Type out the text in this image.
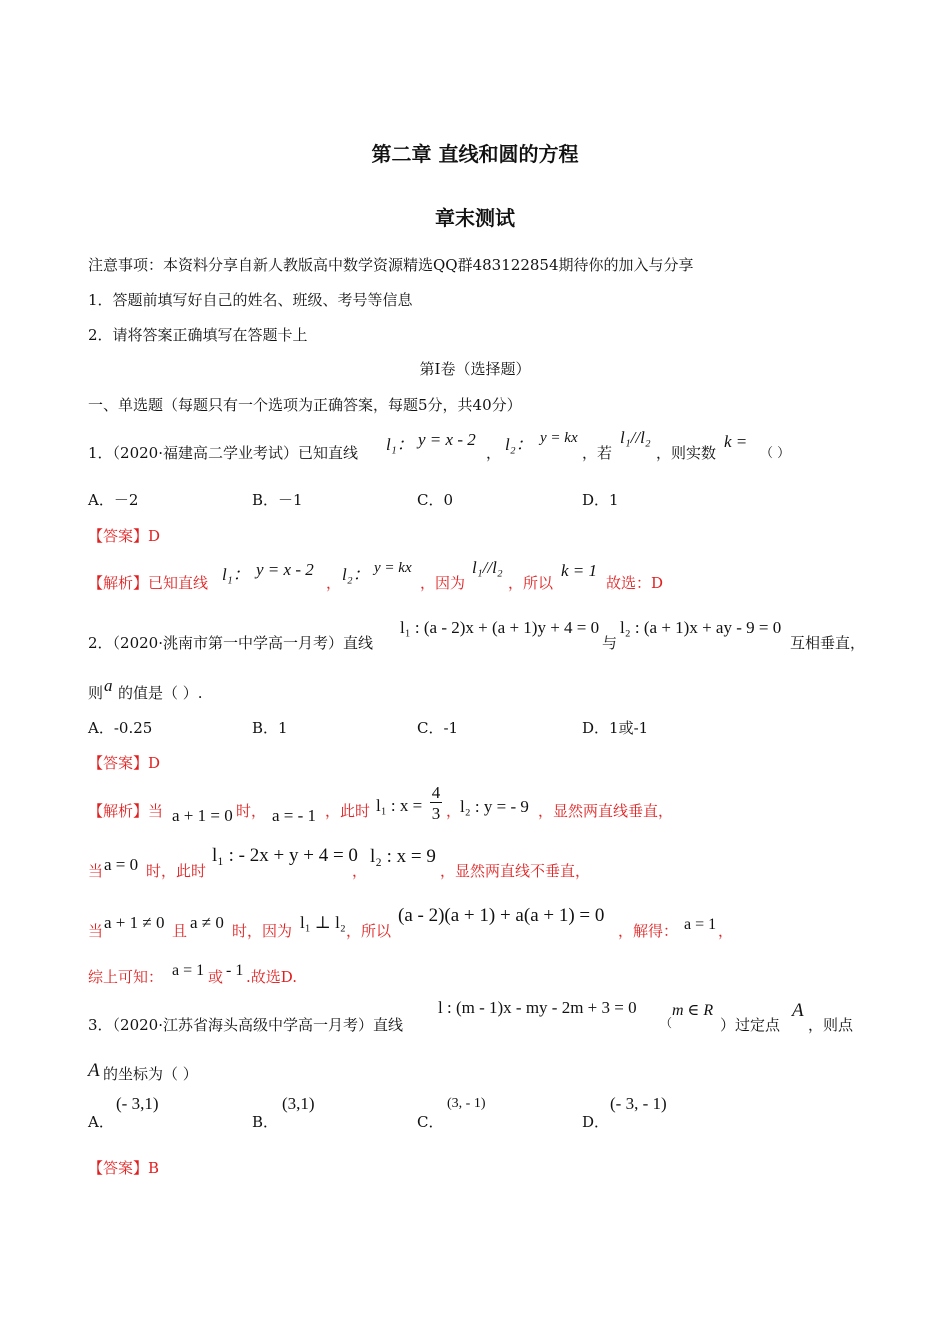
第二章 直线和圆的方程
章末测试
注意事项：本资料分享自新人教版高中数学资源精选QQ群483122854期待你的加入与分享
1．答题前填写好自己的姓名、班级、考号等信息
2．请将答案正确填写在答题卡上
第I卷（选择题）
一、单选题（每题只有一个选项为正确答案，每题5分，共40分）
1．（2020·福建高二学业考试）已知直线 l₁： y = x - 2
， l₂： y = kx
，若
l₁//l₂
，则实数
k =
（ ）
A．－2	B．－1	C．0	D．1
【答案】D
【解析】已知直线 l₁： y = x - 2
， l₂： y = kx
，因为
l₁//l₂
，所以
k = 1
故选：D
2．（2020·洮南市第一中学高一月考）直线
l₁ : (a - 2)x + (a + 1)y + 4 = 0
与
l₂ : (a + 1)x + ay - 9 = 0
互相垂直，
则 a 的值是（ ）.
A．-0.25	B．1	C．-1	D．1或-1
【答案】D
【解析】当 a + 1 = 0 时， a = - 1 ，此时 l₁ : x =
4
3 ，
l₂ : y = - 9 ，显然两直线垂直，
当 a = 0 时，此时
l₁ : - 2x + y + 4 = 0
，
l₂ : x = 9
，显然两直线不垂直，
当 a + 1 ≠ 0 且 a ≠ 0 时，因为 l₁ ⊥ l₂ ，所以
(a - 2)(a + 1) + a(a + 1) = 0
，解得： a = 1 ，
综上可知： a = 1 或 - 1 .故选D.
3．（2020·江苏省海头高级中学高一月考）直线
l : (m - 1)x - my - 2m + 3 = 0
（
m ∈ R
）过定点
A
，则点
A 的坐标为（ ）
A．
(- 3,1)
B．
(3,1)
C．
(3, - 1)
D．
(- 3, - 1)
【答案】B
